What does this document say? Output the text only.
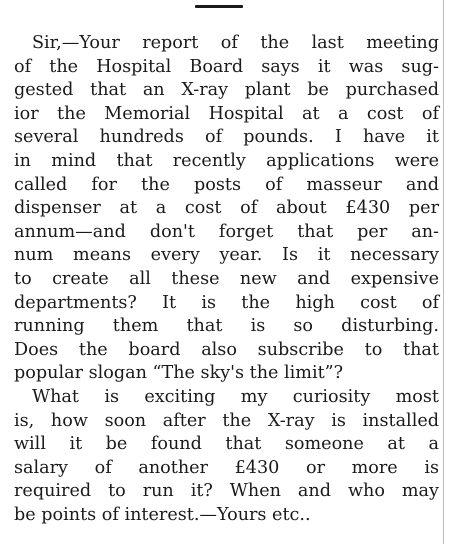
Sir,—Your report of the last meeting
of the Hospital Board says it was sug-
gested that an X-ray plant be purchased
ior the Memorial Hospital at a cost of
several hundreds of pounds. I have it
in mind that recently applications were
called for the posts of masseur and
dispenser at a cost of about £430 per
annum—and don't forget that per an-
num means every year. Is it necessary
to create all these new and expensive
departments? It is the high cost of
running them that is so disturbing.
Does the board also subscribe to that
popular slogan “The sky's the limit”?
What is exciting my curiosity most
is, how soon after the X-ray is installed
will it be found that someone at a
salary of another £430 or more is
required to run it? When and who may
be points of interest.—Yours etc..
